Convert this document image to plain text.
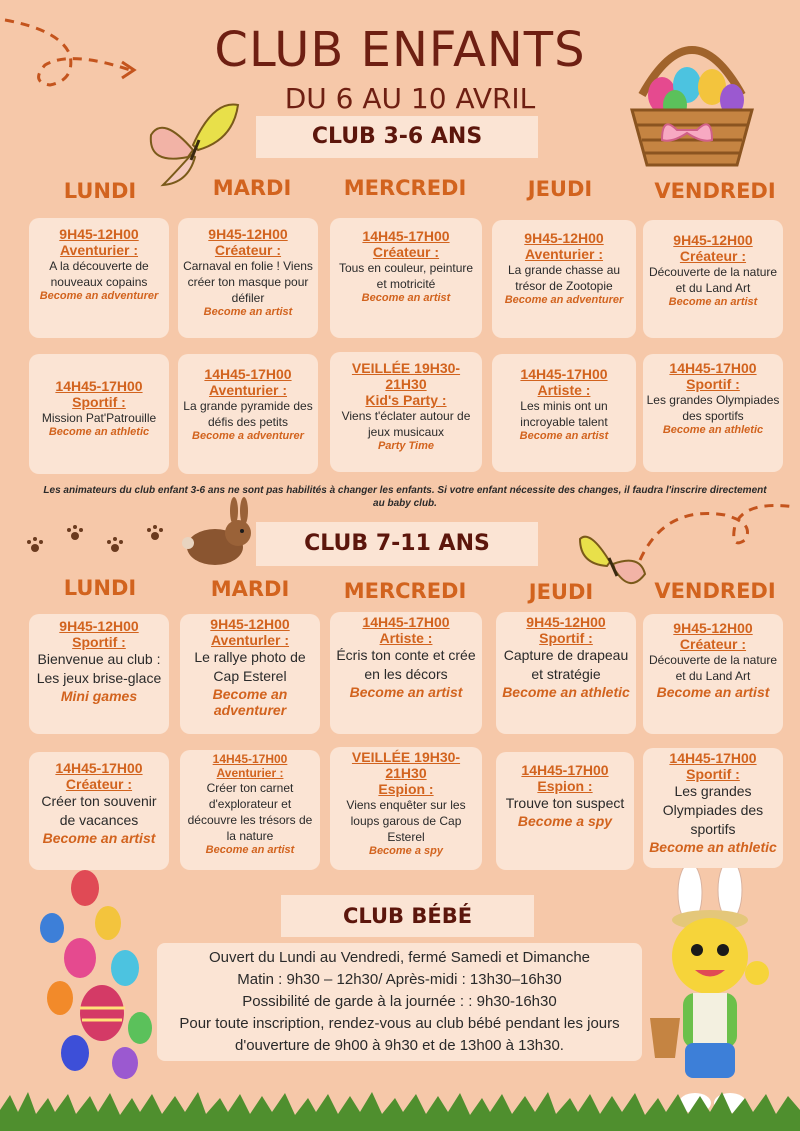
CLUB ENFANTS
DU 6 AU 10 AVRIL
CLUB 3-6 ANS
LUNDI	MARDI	MERCREDI	JEUDI	VENDREDI
9H45-12H00
Aventurier :
A la découverte de nouveaux copains
Become an adventurer
9H45-12H00
Créateur :
Carnaval en folie ! Viens créer ton masque pour défiler
Become an artist
14H45-17H00
Créateur :
Tous en couleur, peinture et motricité
Become an artist
9H45-12H00
Aventurier :
La grande chasse au trésor de Zootopie
Become an adventurer
9H45-12H00
Créateur :
Découverte de la nature et du Land Art
Become an artist
14H45-17H00
Sportif :
Mission Pat'Patrouille
Become an athletic
14H45-17H00
Aventurier :
La grande pyramide des défis des petits
Become a adventurer
VEILLÉE 19H30-21H30
Kid's Party :
Viens t'éclater autour de jeux musicaux
Party Time
14H45-17H00
Artiste :
Les minis ont un incroyable talent
Become an artist
14H45-17H00
Sportif :
Les grandes Olympiades des sportifs
Become an athletic
Les animateurs du club enfant 3-6 ans ne sont pas habilités à changer les enfants. Si votre enfant nécessite des changes, il faudra l'inscrire directement au baby club.
CLUB 7-11 ANS
LUNDI	MARDI	MERCREDI	JEUDI	VENDREDI
9H45-12H00
Sportif :
Bienvenue au club : Les jeux brise-glace
Mini games
9H45-12H00
Aventurler :
Le rallye photo de Cap Esterel
Become an adventurer
14H45-17H00
Artiste :
Écris ton conte et crée en les décors
Become an artist
9H45-12H00
Sportif :
Capture de drapeau et stratégie
Become an athletic
9H45-12H00
Créateur :
Découverte de la nature et du Land Art
Become an artist
14H45-17H00
Créateur :
Créer ton souvenir de vacances
Become an artist
14H45-17H00
Aventurier :
Créer ton carnet d'explorateur et découvre les trésors de la nature
Become an artist
VEILLÉE 19H30-21H30
Espion :
Viens enquêter sur les loups garous de Cap Esterel
Become a spy
14H45-17H00
Espion :
Trouve ton suspect
Become a spy
14H45-17H00
Sportif :
Les grandes Olympiades des sportifs
Become an athletic
CLUB BÉBÉ
Ouvert du Lundi au Vendredi, fermé Samedi et Dimanche
Matin : 9h30 – 12h30/ Après-midi : 13h30–16h30
Possibilité de garde à la journée : : 9h30-16h30
Pour toute inscription, rendez-vous au club bébé pendant les jours
d'ouverture de 9h00 à 9h30 et de 13h00 à 13h30.
